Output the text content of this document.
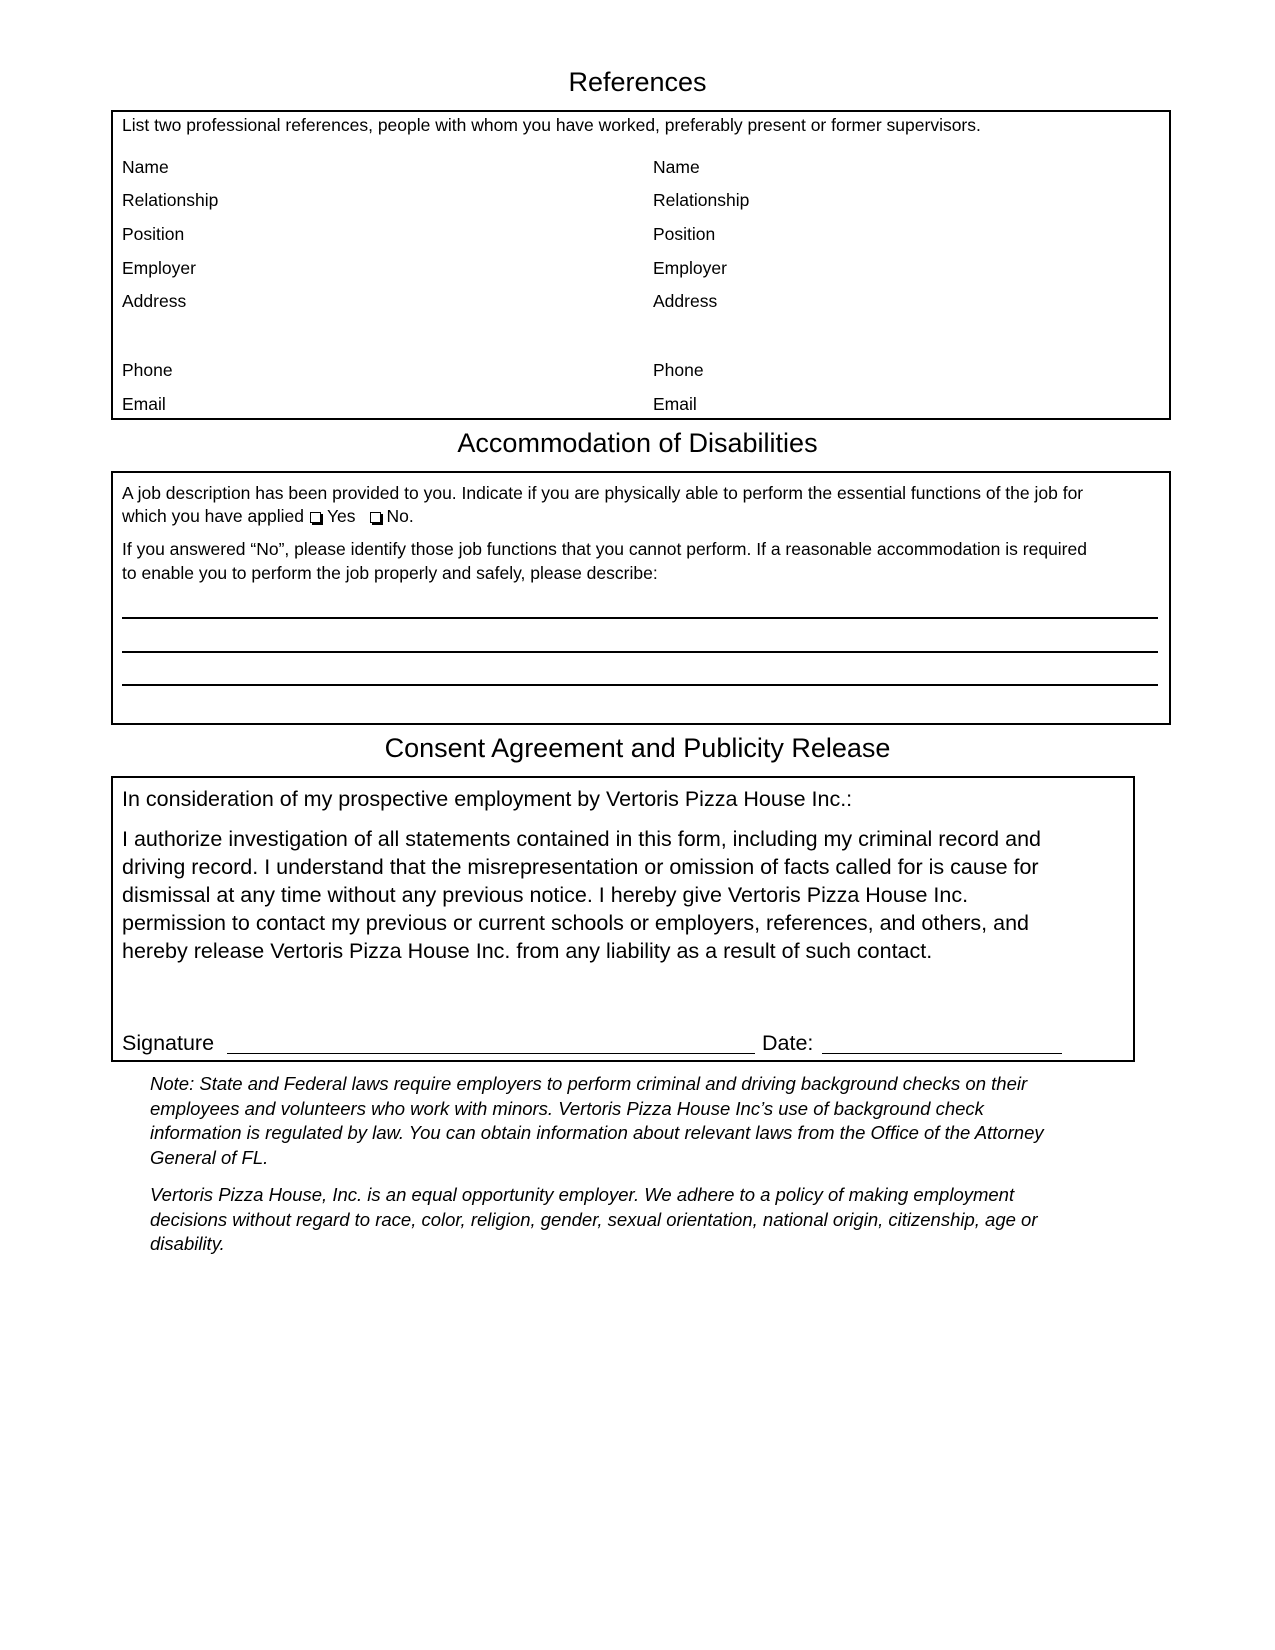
References
List two professional references, people with whom you have worked, preferably present or former supervisors.
Name
Relationship
Position
Employer
Address
Phone
Email
Name
Relationship
Position
Employer
Address
Phone
Email
Accommodation of Disabilities
A job description has been provided to you. Indicate if you are physically able to perform the essential functions of the job for
which you have applied Yes No.
If you answered “No”, please identify those job functions that you cannot perform. If a reasonable accommodation is required
to enable you to perform the job properly and safely, please describe:
Consent Agreement and Publicity Release
In consideration of my prospective employment by Vertoris Pizza House Inc.:
I authorize investigation of all statements contained in this form, including my criminal record and
driving record. I understand that the misrepresentation or omission of facts called for is cause for
dismissal at any time without any previous notice. I hereby give Vertoris Pizza House Inc.
permission to contact my previous or current schools or employers, references, and others, and
hereby release Vertoris Pizza House Inc. from any liability as a result of such contact.
Signature	Date:
Note: State and Federal laws require employers to perform criminal and driving background checks on their
employees and volunteers who work with minors. Vertoris Pizza House Inc’s use of background check
information is regulated by law. You can obtain information about relevant laws from the Office of the Attorney
General of FL.
Vertoris Pizza House, Inc. is an equal opportunity employer. We adhere to a policy of making employment
decisions without regard to race, color, religion, gender, sexual orientation, national origin, citizenship, age or
disability.
